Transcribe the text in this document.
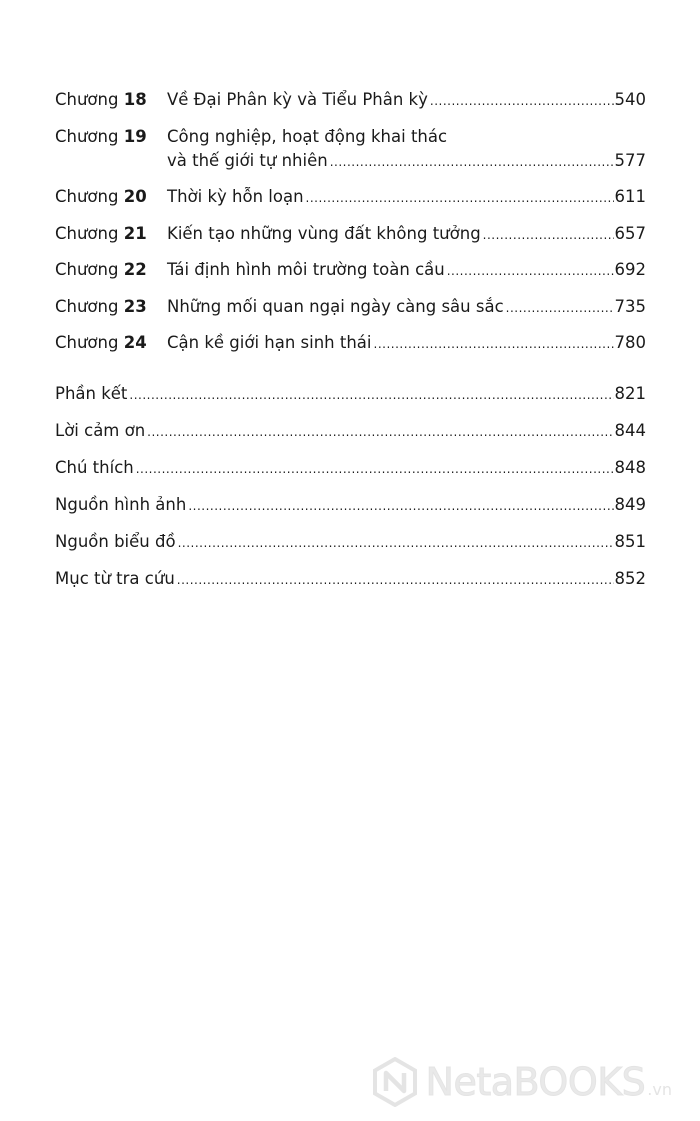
Chương 18	Về Đại Phân kỳ và Tiểu Phân kỳ .....	540
Chương 19	Công nghiệp, hoạt động khai thác
và thế giới tự nhiên .....	577
Chương 20	Thời kỳ hỗn loạn .....	611
Chương 21	Kiến tạo những vùng đất không tưởng .....	657
Chương 22	Tái định hình môi trường toàn cầu .....	692
Chương 23	Những mối quan ngại ngày càng sâu sắc .....	735
Chương 24	Cận kề giới hạn sinh thái .....	780
Phần kết .....	821
Lời cảm ơn .....	844
Chú thích .....	848
Nguồn hình ảnh .....	849
Nguồn biểu đồ .....	851
Mục từ tra cứu .....	852
NetaBOOKS .vn
